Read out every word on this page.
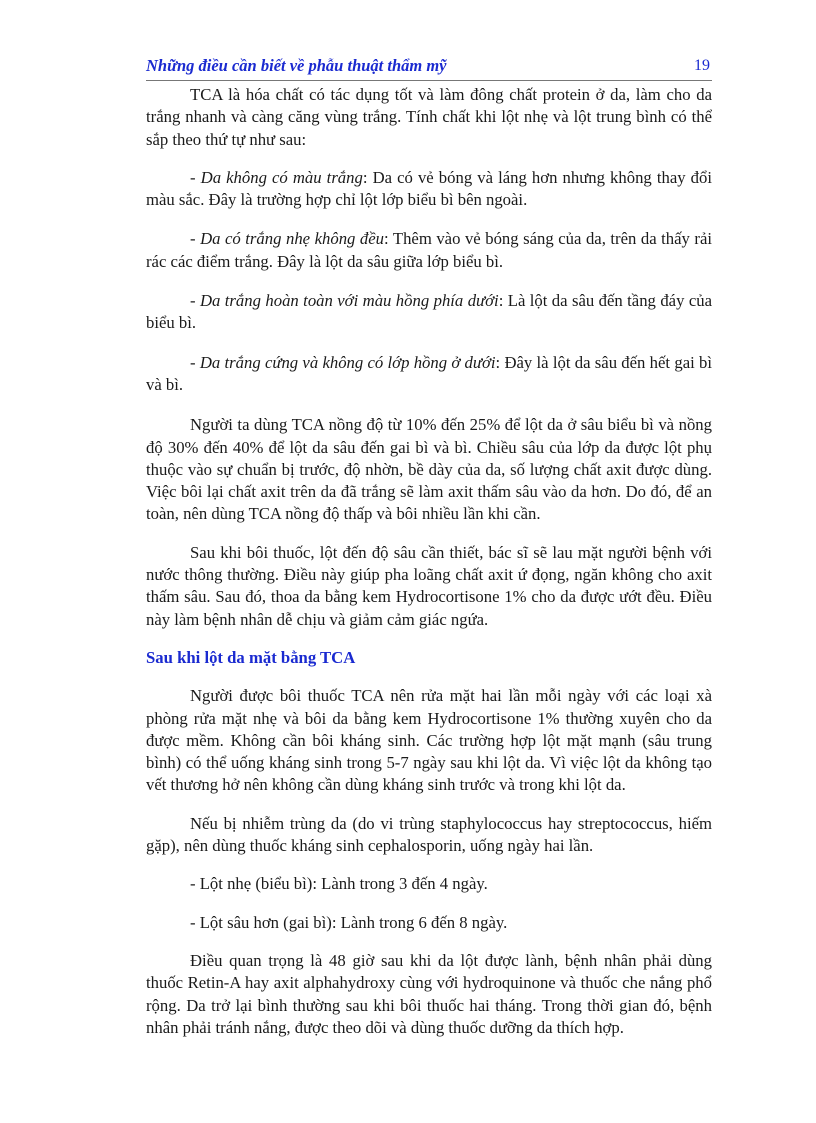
Những điều cần biết về phẫu thuật thẩm mỹ	19

TCA là hóa chất có tác dụng tốt và làm đông chất protein ở da, làm cho da trắng nhanh và càng căng vùng trắng. Tính chất khi lột nhẹ và lột trung bình có thể sắp theo thứ tự như sau:

- Da không có màu trắng: Da có vẻ bóng và láng hơn nhưng không thay đổi màu sắc. Đây là trường hợp chỉ lột lớp biểu bì bên ngoài.

- Da có trắng nhẹ không đều: Thêm vào vẻ bóng sáng của da, trên da thấy rải rác các điểm trắng. Đây là lột da sâu giữa lớp biểu bì.

- Da trắng hoàn toàn với màu hồng phía dưới: Là lột da sâu đến tầng đáy của biểu bì.

- Da trắng cứng và không có lớp hồng ở dưới: Đây là lột da sâu đến hết gai bì và bì.

Người ta dùng TCA nồng độ từ 10% đến 25% để lột da ở sâu biểu bì và nồng độ 30% đến 40% để lột da sâu đến gai bì và bì. Chiều sâu của lớp da được lột phụ thuộc vào sự chuẩn bị trước, độ nhờn, bề dày của da, số lượng chất axit được dùng. Việc bôi lại chất axit trên da đã trắng sẽ làm axit thấm sâu vào da hơn. Do đó, để an toàn, nên dùng TCA nồng độ thấp và bôi nhiều lần khi cần.

Sau khi bôi thuốc, lột đến độ sâu cần thiết, bác sĩ sẽ lau mặt người bệnh với nước thông thường. Điều này giúp pha loãng chất axit ứ đọng, ngăn không cho axit thấm sâu. Sau đó, thoa da bằng kem Hydrocortisone 1% cho da được ướt đều. Điều này làm bệnh nhân dễ chịu và giảm cảm giác ngứa.

Sau khi lột da mặt bằng TCA

Người được bôi thuốc TCA nên rửa mặt hai lần mỗi ngày với các loại xà phòng rửa mặt nhẹ và bôi da bằng kem Hydrocortisone 1% thường xuyên cho da được mềm. Không cần bôi kháng sinh. Các trường hợp lột mặt mạnh (sâu trung bình) có thể uống kháng sinh trong 5-7 ngày sau khi lột da. Vì việc lột da không tạo vết thương hở nên không cần dùng kháng sinh trước và trong khi lột da.

Nếu bị nhiễm trùng da (do vi trùng staphylococcus hay streptococcus, hiếm gặp), nên dùng thuốc kháng sinh cephalosporin, uống ngày hai lần.

- Lột nhẹ (biểu bì): Lành trong 3 đến 4 ngày.

- Lột sâu hơn (gai bì): Lành trong 6 đến 8 ngày.

Điều quan trọng là 48 giờ sau khi da lột được lành, bệnh nhân phải dùng thuốc Retin-A hay axit alphahydroxy cùng với hydroquinone và thuốc che nắng phổ rộng. Da trở lại bình thường sau khi bôi thuốc hai tháng. Trong thời gian đó, bệnh nhân phải tránh nắng, được theo dõi và dùng thuốc dưỡng da thích hợp.
